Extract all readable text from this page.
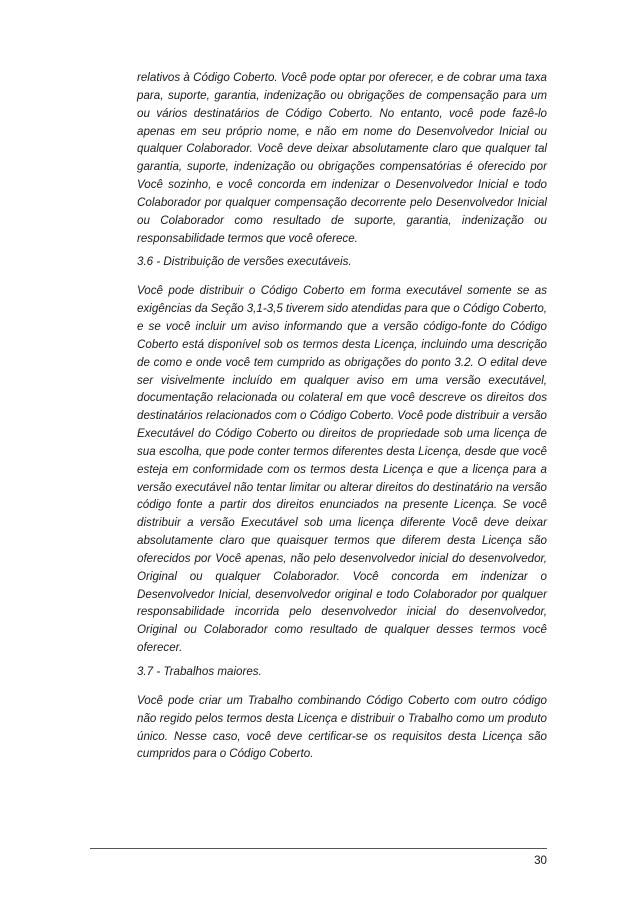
relativos à Código Coberto. Você pode optar por oferecer, e de cobrar uma taxa para, suporte, garantia, indenização ou obrigações de compensação para um ou vários destinatários de Código Coberto. No entanto, você pode fazê-lo apenas em seu próprio nome, e não em nome do Desenvolvedor Inicial ou qualquer Colaborador. Você deve deixar absolutamente claro que qualquer tal garantia, suporte, indenização ou obrigações compensatórias é oferecido por Você sozinho, e você concorda em indenizar o Desenvolvedor Inicial e todo Colaborador por qualquer compensação decorrente pelo Desenvolvedor Inicial ou Colaborador como resultado de suporte, garantia, indenização ou responsabilidade termos que você oferece.

3.6 - Distribuição de versões executáveis.

Você pode distribuir o Código Coberto em forma executável somente se as exigências da Seção 3,1-3,5 tiverem sido atendidas para que o Código Coberto, e se você incluir um aviso informando que a versão código-fonte do Código Coberto está disponível sob os termos desta Licença, incluindo uma descrição de como e onde você tem cumprido as obrigações do ponto 3.2. O edital deve ser visivelmente incluído em qualquer aviso em uma versão executável, documentação relacionada ou colateral em que você descreve os direitos dos destinatários relacionados com o Código Coberto. Você pode distribuir a versão Executável do Código Coberto ou direitos de propriedade sob uma licença de sua escolha, que pode conter termos diferentes desta Licença, desde que você esteja em conformidade com os termos desta Licença e que a licença para a versão executável não tentar limitar ou alterar direitos do destinatário na versão código fonte a partir dos direitos enunciados na presente Licença. Se você distribuir a versão Executável sob uma licença diferente Você deve deixar absolutamente claro que quaisquer termos que diferem desta Licença são oferecidos por Você apenas, não pelo desenvolvedor inicial do desenvolvedor, Original ou qualquer Colaborador. Você concorda em indenizar o Desenvolvedor Inicial, desenvolvedor original e todo Colaborador por qualquer responsabilidade incorrida pelo desenvolvedor inicial do desenvolvedor, Original ou Colaborador como resultado de qualquer desses termos você oferecer.

3.7 - Trabalhos maiores.

Você pode criar um Trabalho combinando Código Coberto com outro código não regido pelos termos desta Licença e distribuir o Trabalho como um produto único. Nesse caso, você deve certificar-se os requisitos desta Licença são cumpridos para o Código Coberto.

30
